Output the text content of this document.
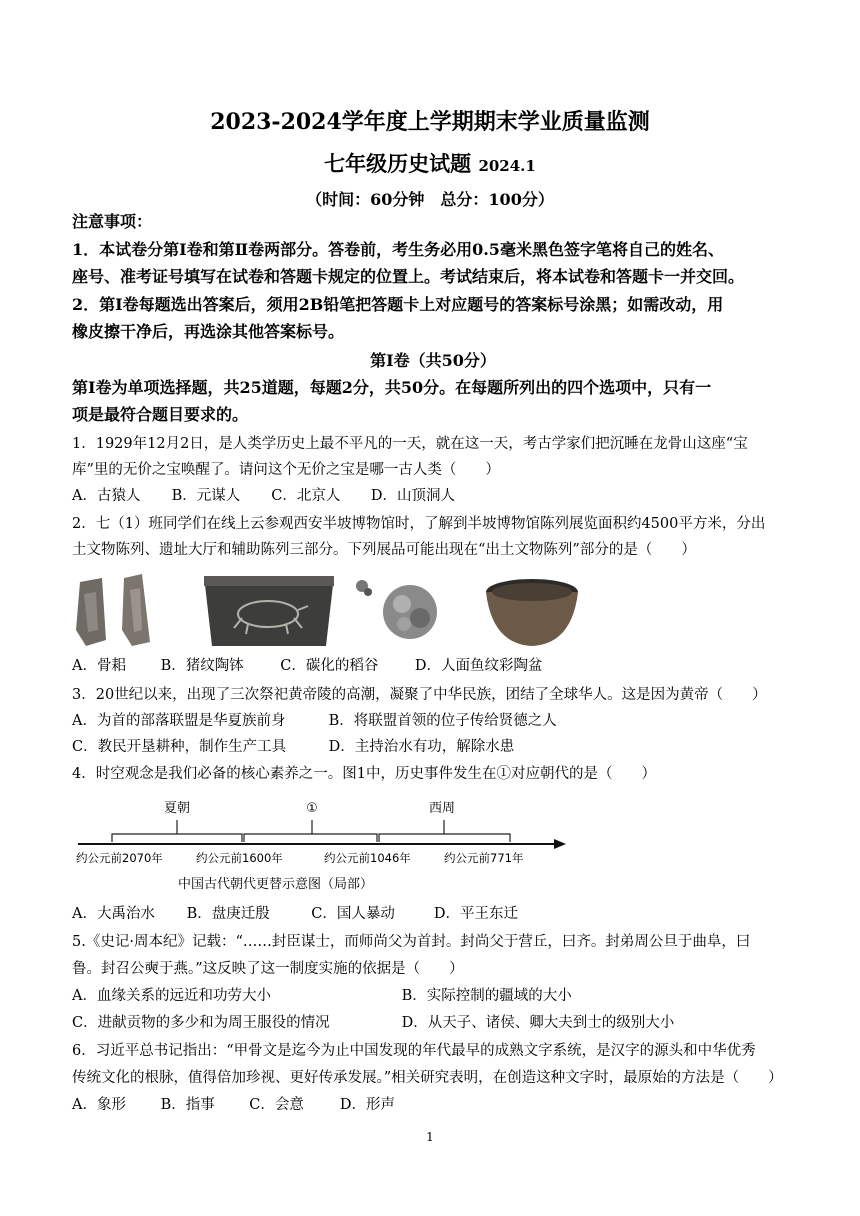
2023-2024学年度上学期期末学业质量监测
七年级历史试题 2024.1
（时间：60分钟　总分：100分）
注意事项：
1．本试卷分第Ⅰ卷和第Ⅱ卷两部分。答卷前，考生务必用0.5毫米黑色签字笔将自己的姓名、
座号、准考证号填写在试卷和答题卡规定的位置上。考试结束后，将本试卷和答题卡一并交回。
2．第Ⅰ卷每题选出答案后，须用2B铅笔把答题卡上对应题号的答案标号涂黑；如需改动，用
橡皮擦干净后，再选涂其他答案标号。
第Ⅰ卷（共50分）
第Ⅰ卷为单项选择题，共25道题，每题2分，共50分。在每题所列出的四个选项中，只有一
项是最符合题目要求的。
1．1929年12月2日，是人类学历史上最不平凡的一天，就在这一天，考古学家们把沉睡在龙骨山这座“宝
库”里的无价之宝唤醒了。请问这个无价之宝是哪一古人类（　　）
A．古猿人 B．元谋人 C．北京人 D．山顶洞人
2．七（1）班同学们在线上云参观西安半坡博物馆时，了解到半坡博物馆陈列展览面积约4500平方米，分出
土文物陈列、遗址大厅和辅助陈列三部分。下列展品可能出现在“出土文物陈列”部分的是（　　）
A．骨耜 B．猪纹陶钵	C．碳化的稻谷	D．人面鱼纹彩陶盆
3．20世纪以来，出现了三次祭祀黄帝陵的高潮，凝聚了中华民族，团结了全球华人。这是因为黄帝（　　）
A．为首的部落联盟是华夏族前身	B．将联盟首领的位子传给贤德之人
C．教民开垦耕种，制作生产工具	D．主持治水有功，解除水患
4．时空观念是我们必备的核心素养之一。图1中，历史事件发生在①对应朝代的是（　　）
夏朝	①	西周
约公元前2070年	约公元前1600年	约公元前1046年	约公元前771年
中国古代朝代更替示意图（局部）
A．大禹治水 B．盘庚迁殷	C．国人暴动	D．平王东迁
5.《史记·周本纪》记载：“……封臣谋士，而师尚父为首封。封尚父于营丘，曰齐。封弟周公旦于曲阜，曰
鲁。封召公奭于燕。”这反映了这一制度实施的依据是（　　）
A．血缘关系的远近和功劳大小	B．实际控制的疆域的大小
C．进献贡物的多少和为周王服役的情况	D．从天子、诸侯、卿大夫到士的级别大小
6．习近平总书记指出：“甲骨文是迄今为止中国发现的年代最早的成熟文字系统，是汉字的源头和中华优秀
传统文化的根脉，值得倍加珍视、更好传承发展。”相关研究表明，在创造这种文字时，最原始的方法是（　　）
A．象形 B．指事 C．会意 D．形声
1
